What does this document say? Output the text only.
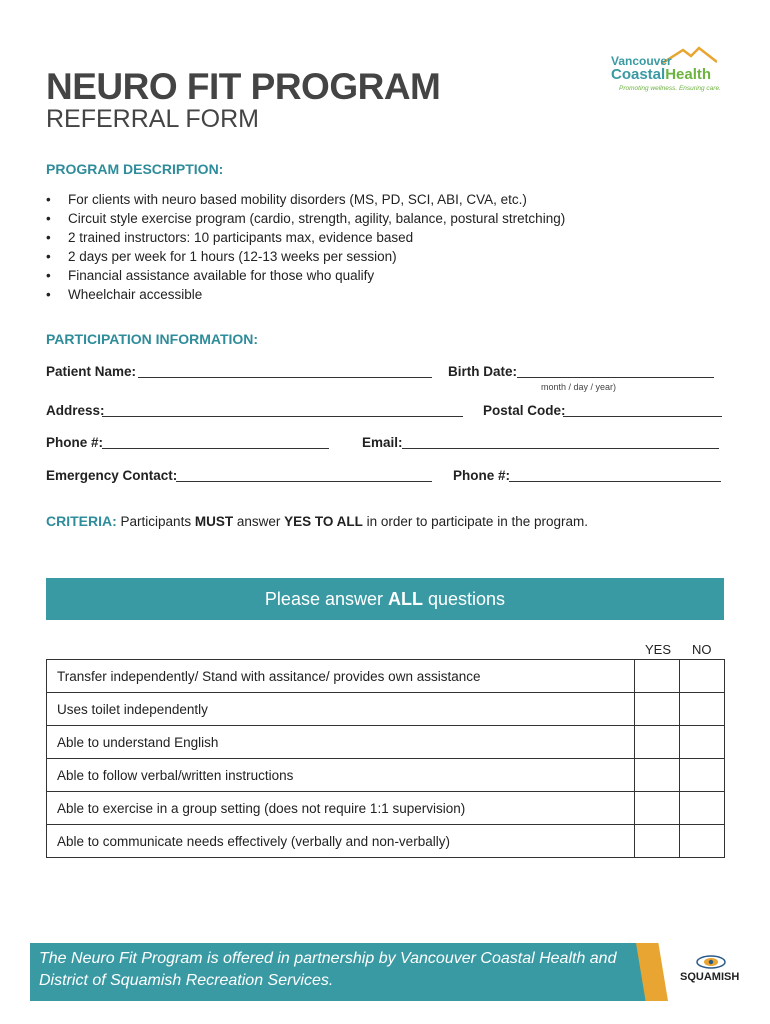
NEURO FIT PROGRAM
REFERRAL FORM
Vancouver
CoastalHealth
Promoting wellness. Ensuring care.
PROGRAM DESCRIPTION:
• For clients with neuro based mobility disorders (MS, PD, SCI, ABI, CVA, etc.)
• Circuit style exercise program (cardio, strength, agility, balance, postural stretching)
• 2 trained instructors: 10 participants max, evidence based
• 2 days per week for 1 hours (12-13 weeks per session)
• Financial assistance available for those who qualify
• Wheelchair accessible
PARTICIPATION INFORMATION:
Patient Name:	Birth Date:
month / day / year)
Address:	Postal Code:
Phone #:	Email:
Emergency Contact:	Phone #:
CRITERIA: Participants MUST answer YES TO ALL in order to participate in the program.
Please answer ALL questions
YES NO
Transfer independently/ Stand with assitance/ provides own assistance		
Uses toilet independently		
Able to understand English		
Able to follow verbal/written instructions		
Able to exercise in a group setting (does not require 1:1 supervision)		
Able to communicate needs effectively (verbally and non-verbally)		
The Neuro Fit Program is offered in partnership by Vancouver Coastal Health and
District of Squamish Recreation Services.	SQUAMISH
